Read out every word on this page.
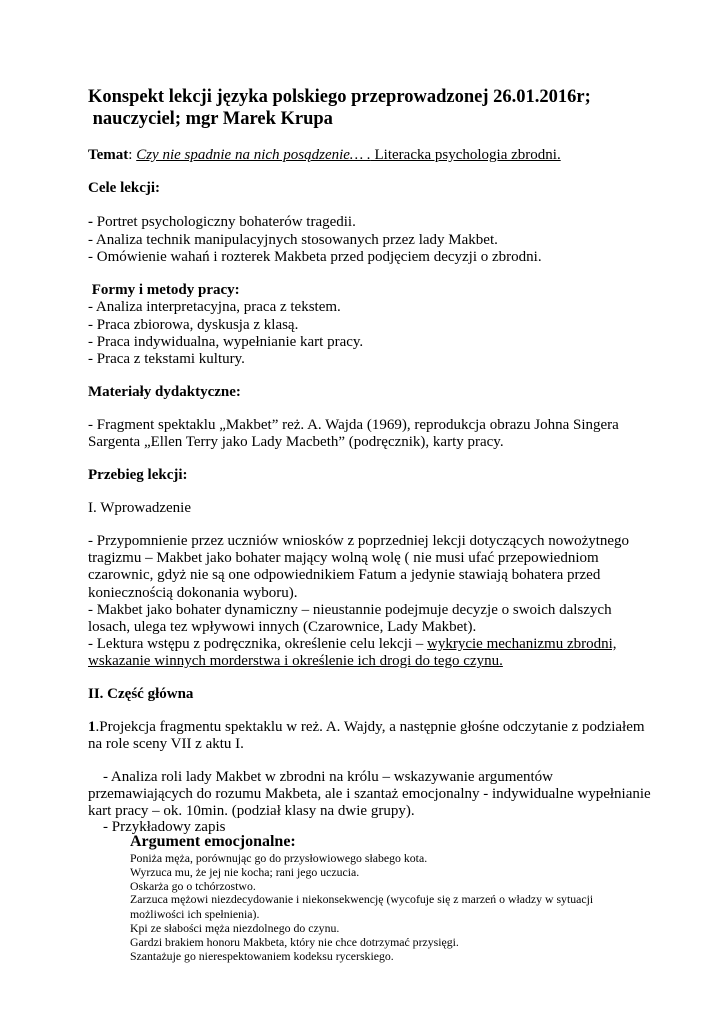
Konspekt lekcji języka polskiego przeprowadzonej 26.01.2016r;
nauczyciel; mgr Marek Krupa
Temat: Czy nie spadnie na nich posądzenie… . Literacka psychologia zbrodni.
Cele lekcji:
- Portret psychologiczny bohaterów tragedii.
- Analiza technik manipulacyjnych stosowanych przez lady Makbet.
- Omówienie wahań i rozterek Makbeta przed podjęciem decyzji o zbrodni.
Formy i metody pracy:
- Analiza interpretacyjna, praca z tekstem.
- Praca zbiorowa, dyskusja z klasą.
- Praca indywidualna, wypełnianie kart pracy.
- Praca z tekstami kultury.
Materiały dydaktyczne:
- Fragment spektaklu „Makbet” reż. A. Wajda (1969), reprodukcja obrazu Johna Singera
Sargenta „Ellen Terry jako Lady Macbeth” (podręcznik), karty pracy.
Przebieg lekcji:
I. Wprowadzenie
- Przypomnienie przez uczniów wniosków z poprzedniej lekcji dotyczących nowożytnego
tragizmu – Makbet jako bohater mający wolną wolę ( nie musi ufać przepowiedniom
czarownic, gdyż nie są one odpowiednikiem Fatum a jedynie stawiają bohatera przed
koniecznością dokonania wyboru).
- Makbet jako bohater dynamiczny – nieustannie podejmuje decyzje o swoich dalszych
losach, ulega tez wpływowi innych (Czarownice, Lady Makbet).
- Lektura wstępu z podręcznika, określenie celu lekcji – wykrycie mechanizmu zbrodni,
wskazanie winnych morderstwa i określenie ich drogi do tego czynu.
II. Część główna
1.Projekcja fragmentu spektaklu w reż. A. Wajdy, a następnie głośne odczytanie z podziałem
na role sceny VII z aktu I.
- Analiza roli lady Makbet w zbrodni na królu – wskazywanie argumentów
przemawiających do rozumu Makbeta, ale i szantaż emocjonalny - indywidualne wypełnianie
kart pracy – ok. 10min. (podział klasy na dwie grupy).
- Przykładowy zapis
Argument emocjonalne:
Poniża męża, porównując go do przysłowiowego słabego kota.
Wyrzuca mu, że jej nie kocha; rani jego uczucia.
Oskarża go o tchórzostwo.
Zarzuca mężowi niezdecydowanie i niekonsekwencję (wycofuje się z marzeń o władzy w sytuacji możliwości ich spełnienia).
Kpi ze słabości męża niezdolnego do czynu.
Gardzi brakiem honoru Makbeta, który nie chce dotrzymać przysięgi.
Szantażuje go nierespektowaniem kodeksu rycerskiego.
